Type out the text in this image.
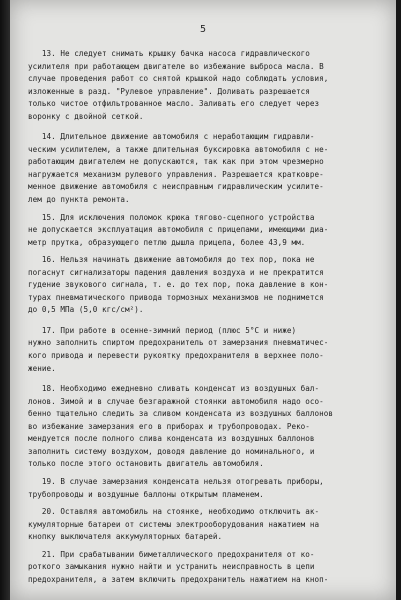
5
13. Не следует снимать крышку бачка насоса гидравлического
усилителя при работающем двигателе во избежание выброса масла. В
случае проведения работ со снятой крышкой надо соблюдать условия,
изложенные в разд. "Рулевое управление". Доливать разрешается
только чистое отфильтрованное масло. Заливать его следует через
воронку с двойной сеткой.
14. Длительное движение автомобиля с неработающим гидравли-
ческим усилителем, а также длительная буксировка автомобиля с не-
работающим двигателем не допускаются, так как при этом чрезмерно
нагружается механизм рулевого управления. Разрешается кратковре-
менное движение автомобиля с неисправным гидравлическим усилите-
лем до пункта ремонта.
15. Для исключения поломок крюка тягово-сцепного устройства
не допускается эксплуатация автомобиля с прицепами, имеющими диа-
метр прутка, образующего петлю дышла прицепа, более 43,9 мм.
16. Нельзя начинать движение автомобиля до тех пор, пока не
погаснут сигнализаторы падения давления воздуха и не прекратится
гудение звукового сигнала, т. е. до тех пор, пока давление в кон-
турах пневматического привода тормозных механизмов не поднимется
до 0,5 МПа (5,0 кгс/см²).
17. При работе в осенне-зимний период (плюс 5°С и ниже)
нужно заполнить спиртом предохранитель от замерзания пневматичес-
кого привода и перевести рукоятку предохранителя в верхнее поло-
жение.
18. Необходимо ежедневно сливать конденсат из воздушных бал-
лонов. Зимой и в случае безгаражной стоянки автомобиля надо осо-
бенно тщательно следить за сливом конденсата из воздушных баллонов
во избежание замерзания его в приборах и трубопроводах. Реко-
мендуется после полного слива конденсата из воздушных баллонов
заполнить систему воздухом, доводя давление до номинального, и
только после этого остановить двигатель автомобиля.
19. В случае замерзания конденсата нельзя отогревать приборы,
трубопроводы и воздушные баллоны открытым пламенем.
20. Оставляя автомобиль на стоянке, необходимо отключить ак-
кумуляторные батареи от системы электрооборудования нажатием на
кнопку выключателя аккумуляторных батарей.
21. При срабатывании биметаллического предохранителя от ко-
роткого замыкания нужно найти и устранить неисправность в цепи
предохранителя, а затем включить предохранитель нажатием на кноп-
